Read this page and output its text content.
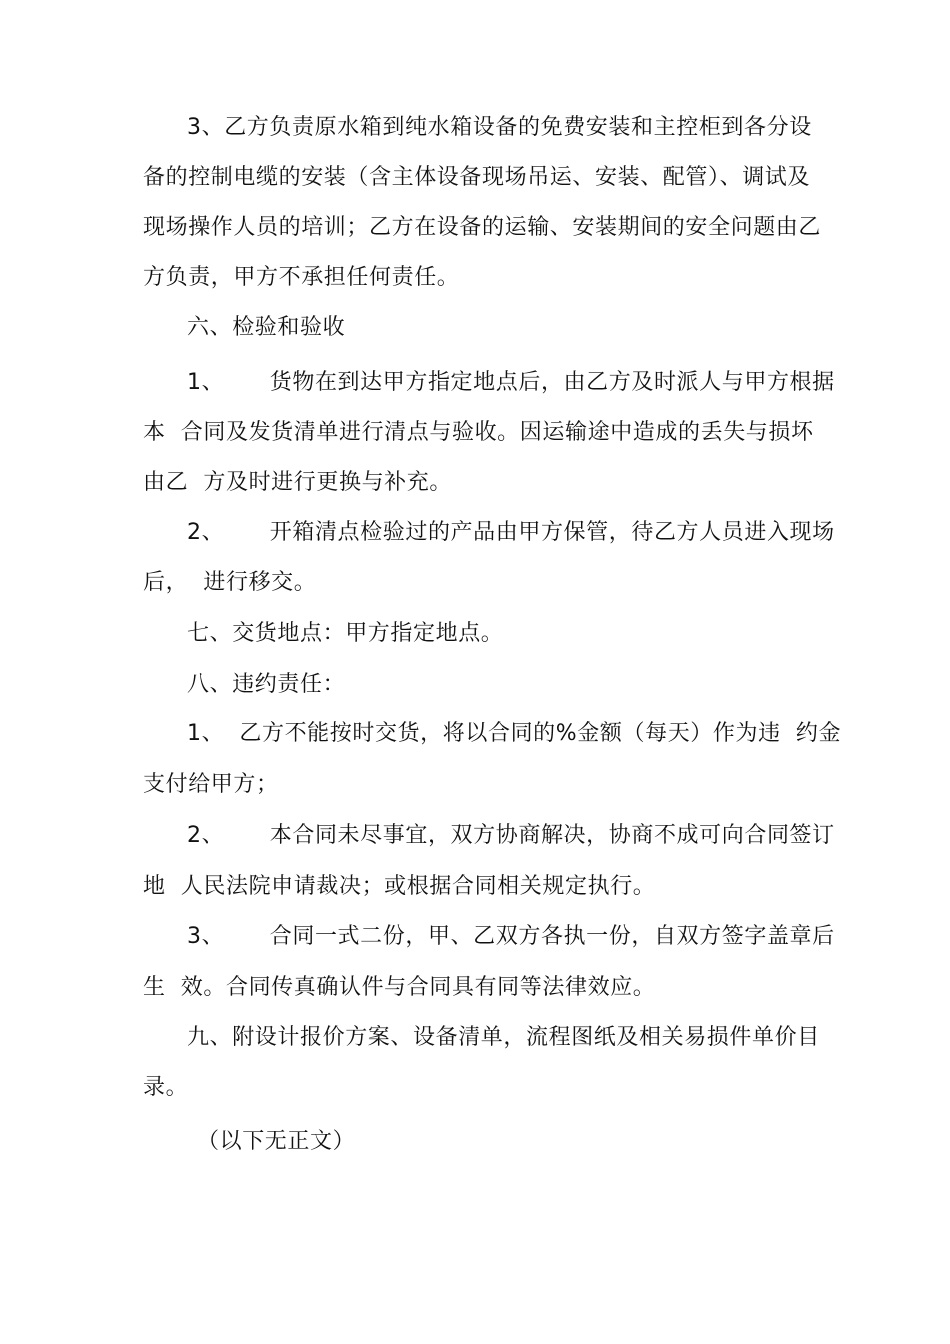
3、乙方负责原水箱到纯水箱设备的免费安装和主控柜到各分设
备的控制电缆的安装（含主体设备现场吊运、安装、配管）、调试及
现场操作人员的培训；乙方在设备的运输、安装期间的安全问题由乙
方负责，甲方不承担任何责任。
六、检验和验收
1、      货物在到达甲方指定地点后，由乙方及时派人与甲方根据
本  合同及发货清单进行清点与验收。因运输途中造成的丢失与损坏
由乙  方及时进行更换与补充。
2、      开箱清点检验过的产品由甲方保管，待乙方人员进入现场
后，  进行移交。
七、交货地点：甲方指定地点。
八、违约责任：
1、  乙方不能按时交货，将以合同的%金额（每天）作为违  约金
支付给甲方；
2、      本合同未尽事宜，双方协商解决，协商不成可向合同签订
地  人民法院申请裁决；或根据合同相关规定执行。
3、      合同一式二份，甲、乙双方各执一份，自双方签字盖章后
生  效。合同传真确认件与合同具有同等法律效应。
九、附设计报价方案、设备清单，流程图纸及相关易损件单价目
录。
（以下无正文）
